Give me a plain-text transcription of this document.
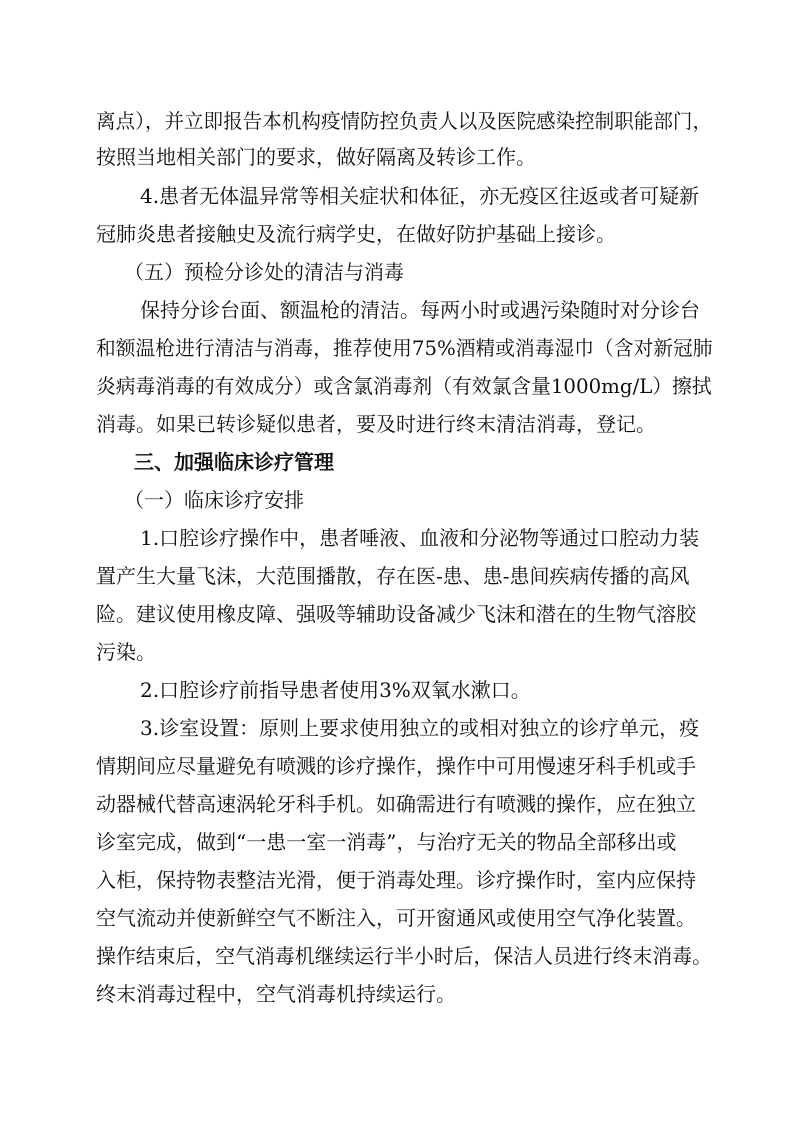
离点），并立即报告本机构疫情防控负责人以及医院感染控制职能部门，
按照当地相关部门的要求，做好隔离及转诊工作。
4.患者无体温异常等相关症状和体征，亦无疫区往返或者可疑新
冠肺炎患者接触史及流行病学史，在做好防护基础上接诊。
（五）预检分诊处的清洁与消毒
保持分诊台面、额温枪的清洁。每两小时或遇污染随时对分诊台
和额温枪进行清洁与消毒，推荐使用75%酒精或消毒湿巾（含对新冠肺
炎病毒消毒的有效成分）或含氯消毒剂（有效氯含量1000mg/L）擦拭
消毒。如果已转诊疑似患者，要及时进行终末清洁消毒，登记。
三、加强临床诊疗管理
（一）临床诊疗安排
1.口腔诊疗操作中，患者唾液、血液和分泌物等通过口腔动力装
置产生大量飞沫，大范围播散，存在医-患、患-患间疾病传播的高风
险。建议使用橡皮障、强吸等辅助设备减少飞沫和潜在的生物气溶胶
污染。
2.口腔诊疗前指导患者使用3%双氧水漱口。
3.诊室设置：原则上要求使用独立的或相对独立的诊疗单元，疫
情期间应尽量避免有喷溅的诊疗操作，操作中可用慢速牙科手机或手
动器械代替高速涡轮牙科手机。如确需进行有喷溅的操作，应在独立
诊室完成，做到“一患一室一消毒”，与治疗无关的物品全部移出或
入柜，保持物表整洁光滑，便于消毒处理。诊疗操作时，室内应保持
空气流动并使新鲜空气不断注入，可开窗通风或使用空气净化装置。
操作结束后，空气消毒机继续运行半小时后，保洁人员进行终末消毒。
终末消毒过程中，空气消毒机持续运行。
